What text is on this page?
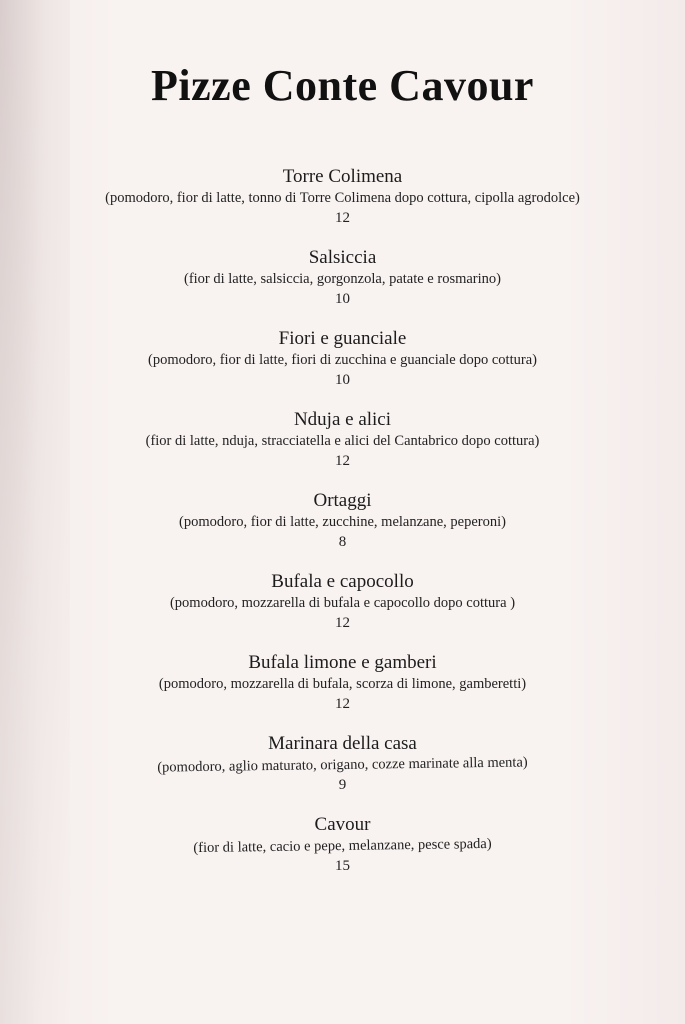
Pizze Conte Cavour
Torre Colimena
(pomodoro, fior di latte, tonno di Torre Colimena dopo cottura, cipolla agrodolce)
12
Salsiccia
(fior di latte, salsiccia, gorgonzola, patate e rosmarino)
10
Fiori e guanciale
(pomodoro, fior di latte, fiori di zucchina e guanciale dopo cottura)
10
Nduja e alici
(fior di latte, nduja, stracciatella e alici del Cantabrico dopo cottura)
12
Ortaggi
(pomodoro, fior di latte, zucchine, melanzane, peperoni)
8
Bufala e capocollo
(pomodoro, mozzarella di bufala e capocollo dopo cottura )
12
Bufala limone e gamberi
(pomodoro, mozzarella di bufala, scorza di limone, gamberetti)
12
Marinara della casa
(pomodoro, aglio maturato, origano, cozze marinate alla menta)
9
Cavour
(fior di latte, cacio e pepe, melanzane, pesce spada)
15
